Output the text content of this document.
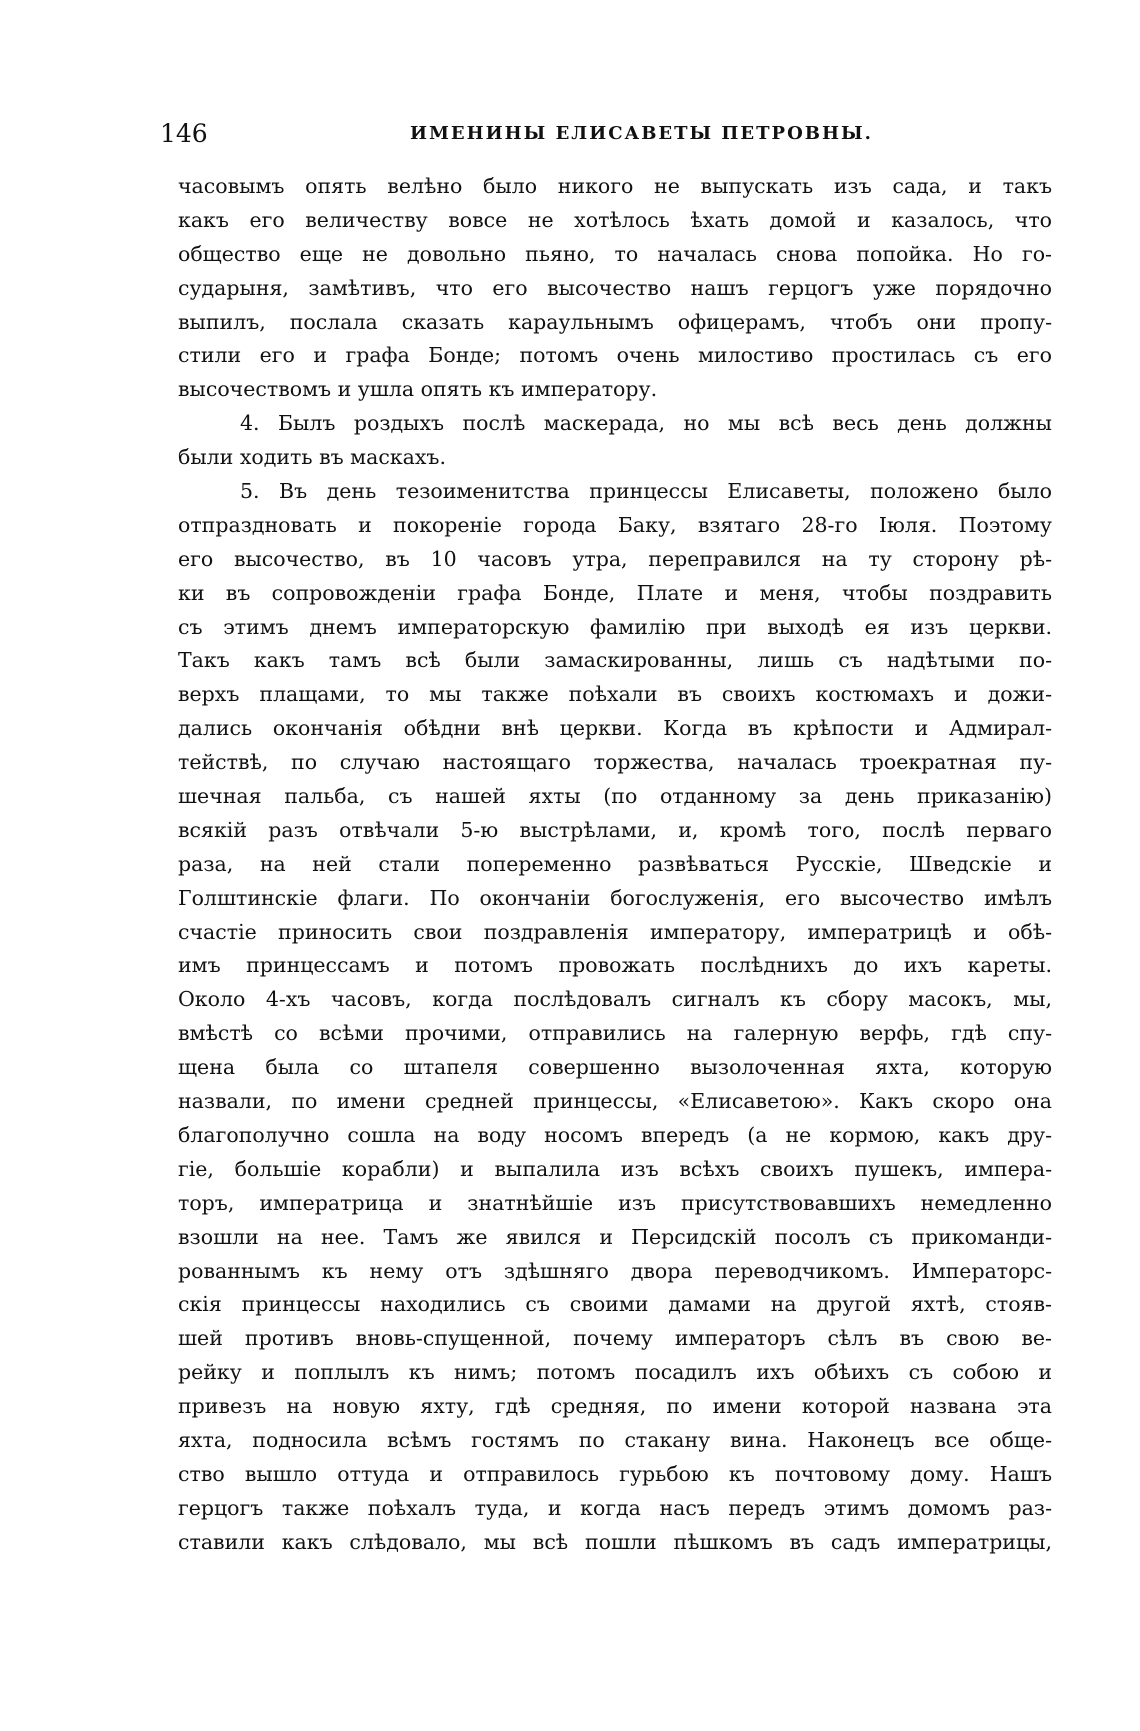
146	ИМЕНИНЫ ЕЛИСАВЕТЫ ПЕТРОВНЫ.
часовымъ опять велѣно было никого не выпускать изъ сада, и такъ
какъ его величеству вовсе не хотѣлось ѣхать домой и казалось, что
общество еще не довольно пьяно, то началась снова попойка. Но го-
сударыня, замѣтивъ, что его высочество нашъ герцогъ уже порядочно
выпилъ, послала сказать караульнымъ офицерамъ, чтобъ они пропу-
стили его и графа Бонде; потомъ очень милостиво простилась съ его
высочествомъ и ушла опять къ императору.
4. Былъ роздыхъ послѣ маскерада, но мы всѣ весь день должны
были ходить въ маскахъ.
5. Въ день тезоименитства принцессы Елисаветы, положено было
отпраздновать и покореніе города Баку, взятаго 28-го Іюля. Поэтому
его высочество, въ 10 часовъ утра, переправился на ту сторону рѣ-
ки въ сопровожденіи графа Бонде, Плате и меня, чтобы поздравить
съ этимъ днемъ императорскую фамилію при выходѣ ея изъ церкви.
Такъ какъ тамъ всѣ были замаскированны, лишь съ надѣтыми по-
верхъ плащами, то мы также поѣхали въ своихъ костюмахъ и дожи-
дались окончанія обѣдни внѣ церкви. Когда въ крѣпости и Адмирал-
тействѣ, по случаю настоящаго торжества, началась троекратная пу-
шечная пальба, съ нашей яхты (по отданному за день приказанію)
всякій разъ отвѣчали 5-ю выстрѣлами, и, кромѣ того, послѣ перваго
раза, на ней стали попеременно развѣваться Русскіе, Шведскіе и
Голштинскіе флаги. По окончаніи богослуженія, его высочество имѣлъ
счастіе приносить свои поздравленія императору, императрицѣ и обѣ-
имъ принцессамъ и потомъ провожать послѣднихъ до ихъ кареты.
Около 4-хъ часовъ, когда послѣдовалъ сигналъ къ сбору масокъ, мы,
вмѣстѣ со всѣми прочими, отправились на галерную верфь, гдѣ спу-
щена была со штапеля совершенно вызолоченная яхта, которую
назвали, по имени средней принцессы, «Елисаветою». Какъ скоро она
благополучно сошла на воду носомъ впередъ (а не кормою, какъ дру-
гіе, большіе корабли) и выпалила изъ всѣхъ своихъ пушекъ, импера-
торъ, императрица и знатнѣйшіе изъ присутствовавшихъ немедленно
взошли на нее. Тамъ же явился и Персидскій посолъ съ прикоманди-
рованнымъ къ нему отъ здѣшняго двора переводчикомъ. Императорс-
скія принцессы находились съ своими дамами на другой яхтѣ, стояв-
шей противъ вновь-спущенной, почему императоръ сѣлъ въ свою ве-
рейку и поплылъ къ нимъ; потомъ посадилъ ихъ обѣихъ съ собою и
привезъ на новую яхту, гдѣ средняя, по имени которой названа эта
яхта, подносила всѣмъ гостямъ по стакану вина. Наконецъ все обще-
ство вышло оттуда и отправилось гурьбою къ почтовому дому. Нашъ
герцогъ также поѣхалъ туда, и когда насъ передъ этимъ домомъ раз-
ставили какъ слѣдовало, мы всѣ пошли пѣшкомъ въ садъ императрицы,
